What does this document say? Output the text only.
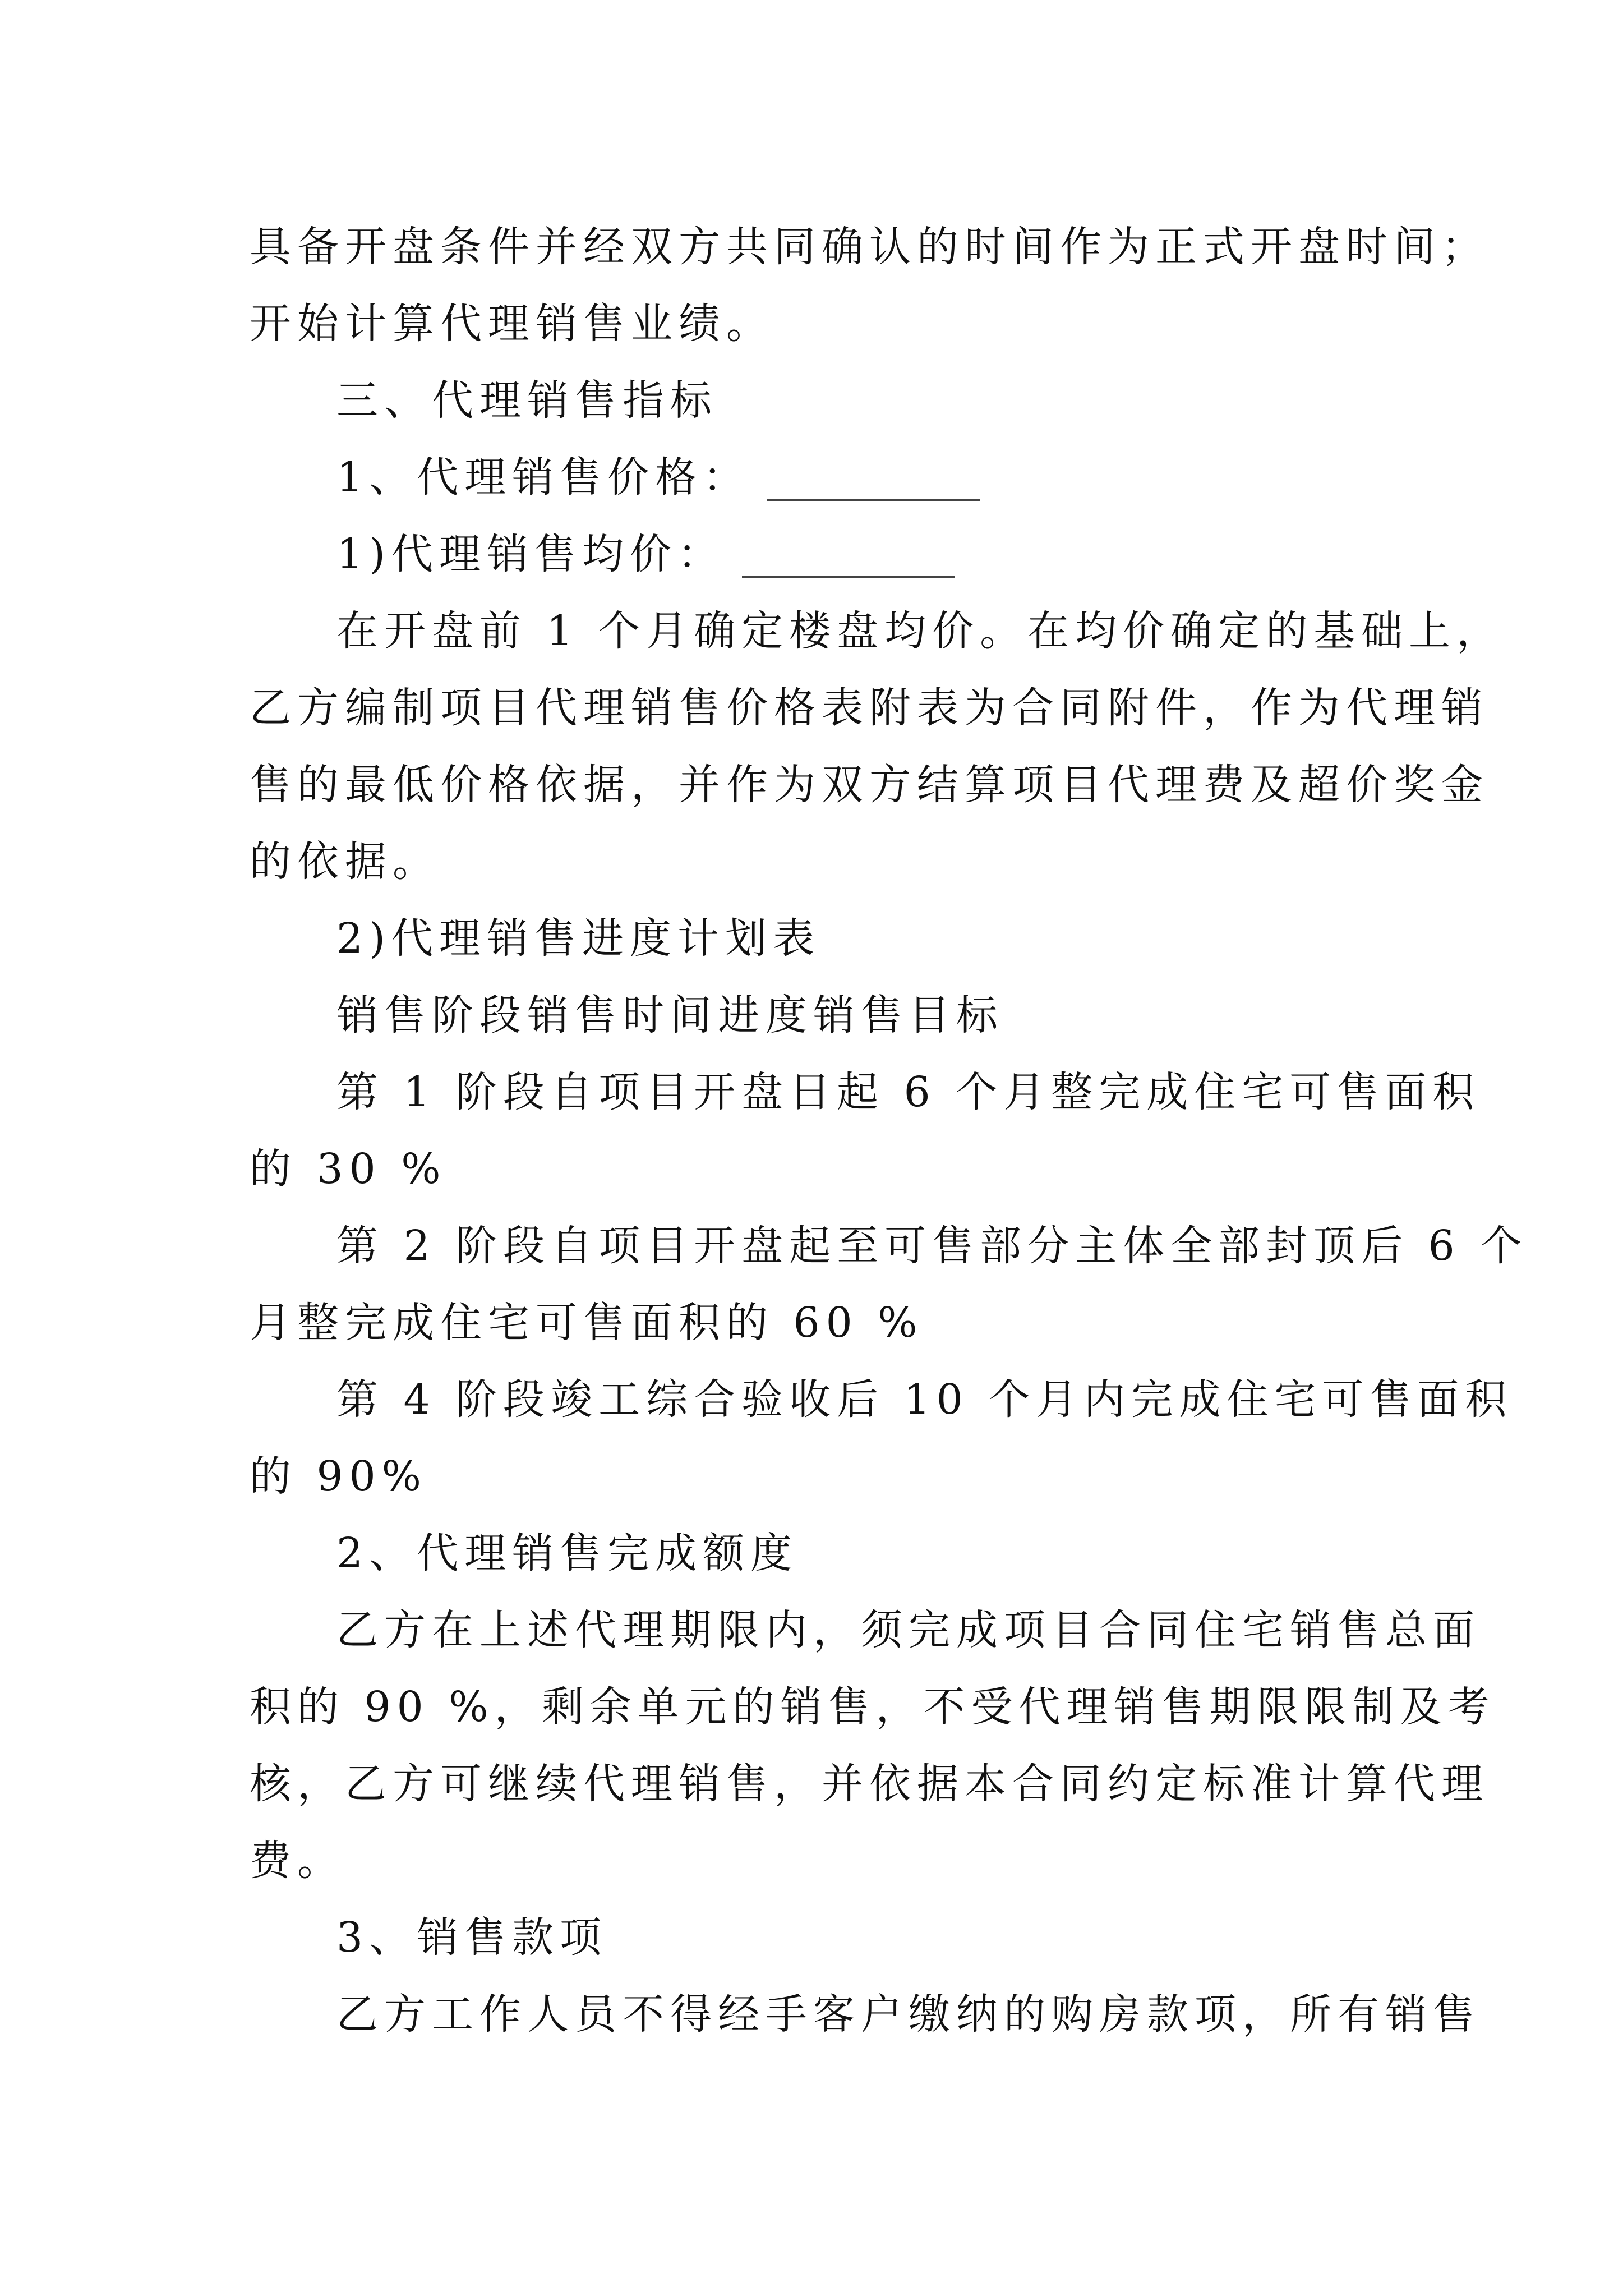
具备开盘条件并经双方共同确认的时间作为正式开盘时间；
开始计算代理销售业绩。
三、代理销售指标
1、代理销售价格：
1)代理销售均价：
在开盘前 1 个月确定楼盘均价。在均价确定的基础上，
乙方编制项目代理销售价格表附表为合同附件，作为代理销
售的最低价格依据，并作为双方结算项目代理费及超价奖金
的依据。
2)代理销售进度计划表
销售阶段销售时间进度销售目标
第 1 阶段自项目开盘日起 6 个月整完成住宅可售面积
的 30 %
第 2 阶段自项目开盘起至可售部分主体全部封顶后 6 个
月整完成住宅可售面积的 60 %
第 4 阶段竣工综合验收后 10 个月内完成住宅可售面积
的 90%
2、代理销售完成额度
乙方在上述代理期限内，须完成项目合同住宅销售总面
积的 90 %，剩余单元的销售，不受代理销售期限限制及考
核，乙方可继续代理销售，并依据本合同约定标准计算代理
费。
3、销售款项
乙方工作人员不得经手客户缴纳的购房款项，所有销售
